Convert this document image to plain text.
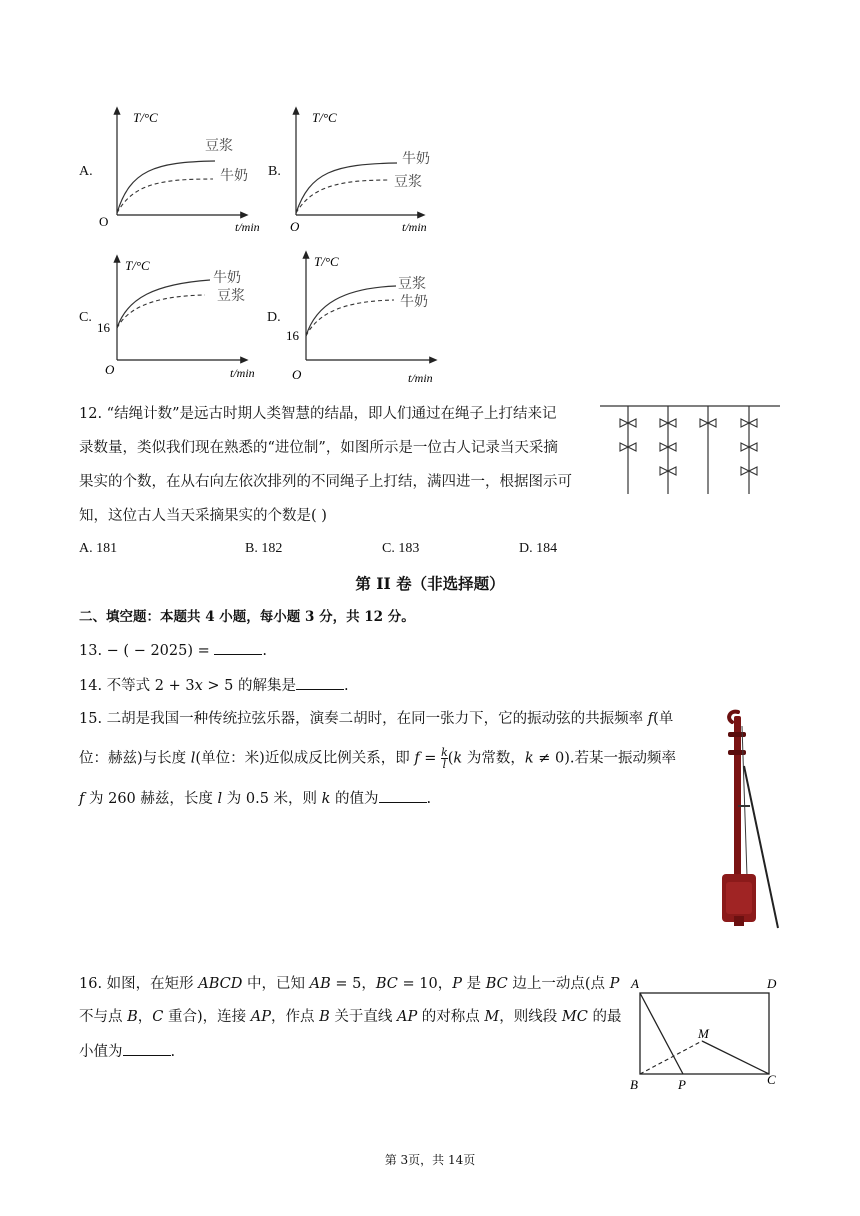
A.
T/°C
t/min
O
豆浆
牛奶 B.
T/°C
t/min
O
牛奶
豆浆
C.
T/°C
t/min
O
16
牛奶
豆浆
D.
T/°C
t/min
O
16
豆浆
牛奶
12. “结绳计数”是远古时期人类智慧的结晶，即人们通过在绳子上打结来记
录数量，类似我们现在熟悉的“进位制”，如图所示是一位古人记录当天采摘
果实的个数，在从右向左依次排列的不同绳子上打结，满四进一，根据图示可
知，这位古人当天采摘果实的个数是( )
A. 181	B. 182	C. 183	D. 184
第 II 卷（非选择题）
二、填空题：本题共 4 小题，每小题 3 分，共 12 分。
13. − ( − 2025) =	.
14. 不等式 2 + 3x > 5 的解集是	.
15. 二胡是我国一种传统拉弦乐器，演奏二胡时，在同一张力下，它的振动弦的共振频率 f(单
位：赫兹)与长度 l(单位：米)近似成反比例关系，即 $f = \frac{k}{l} (k$ 为常数，k ≠ 0).若某一振动频率
f 为 260 赫兹，长度 l 为 0.5 米，则 k 的值为	.
16. 如图，在矩形 ABCD 中，已知 AB = 5，BC = 10，P 是 BC 边上一动点(点 P
不与点 B，C 重合)，连接 AP，作点 B 关于直线 AP 的对称点 M，则线段 MC 的最
小值为	.
A	D
M
B	P	C
第 3页，共 14页
